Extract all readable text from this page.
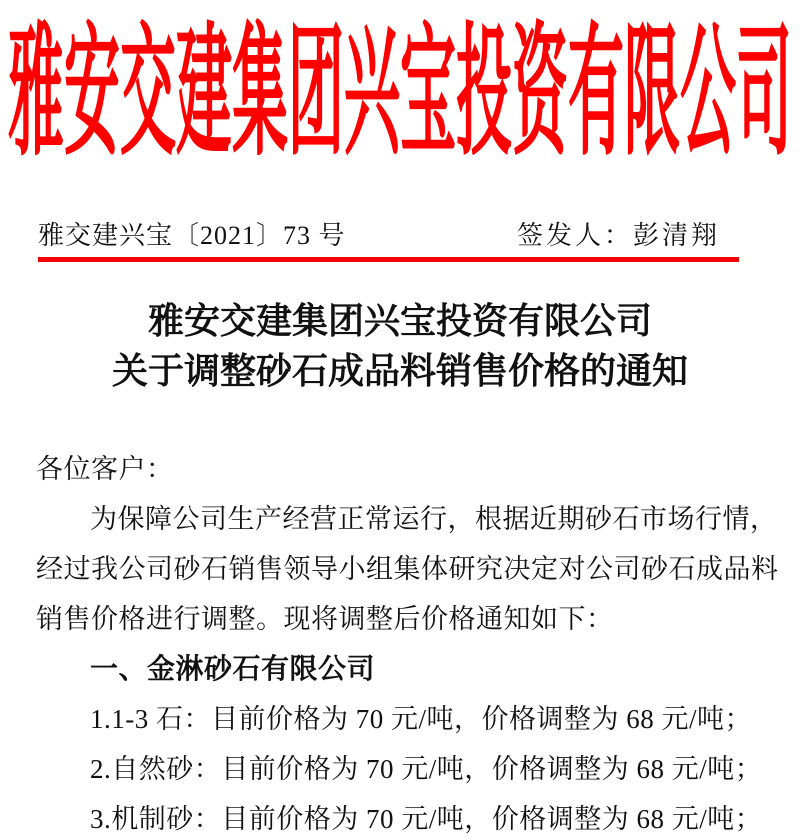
雅安交建集团兴宝投资有限公司
雅交建兴宝〔2021〕73 号	签发人：彭清翔
雅安交建集团兴宝投资有限公司
关于调整砂石成品料销售价格的通知
各位客户：
为保障公司生产经营正常运行，根据近期砂石市场行情，
经过我公司砂石销售领导小组集体研究决定对公司砂石成品料
销售价格进行调整。现将调整后价格通知如下：
一、金淋砂石有限公司
1.1-3 石：目前价格为 70 元/吨，价格调整为 68 元/吨；
2.自然砂：目前价格为 70 元/吨，价格调整为 68 元/吨；
3.机制砂：目前价格为 70 元/吨，价格调整为 68 元/吨；
